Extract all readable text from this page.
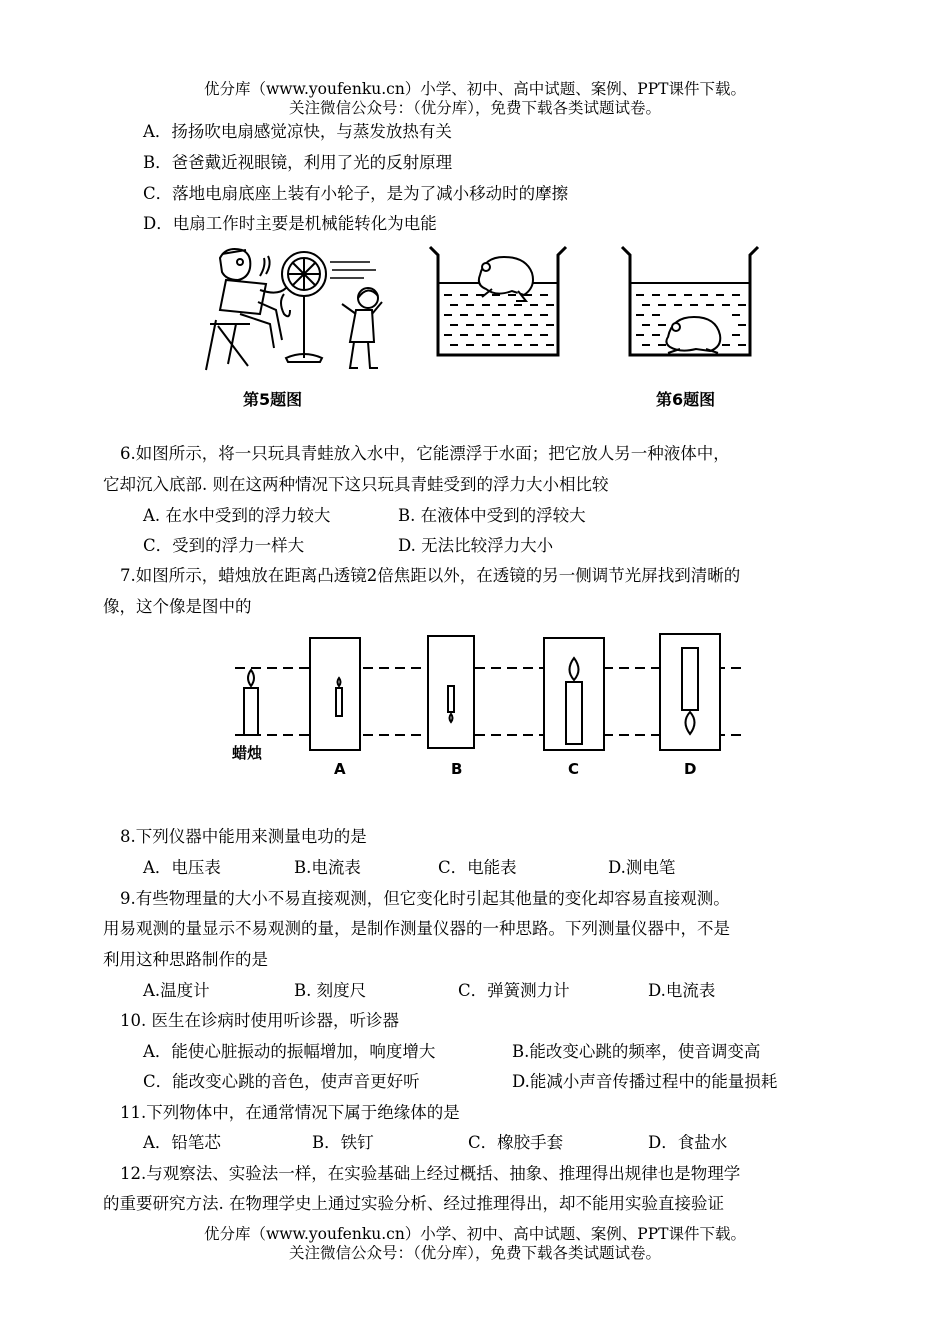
优分库（www.youfenku.cn）小学、初中、高中试题、案例、PPT课件下载。
关注微信公众号：（优分库），免费下载各类试题试卷。
A．扬扬吹电扇感觉凉快，与蒸发放热有关
B．爸爸戴近视眼镜，利用了光的反射原理
C．落地电扇底座上装有小轮子，是为了减小移动时的摩擦
D．电扇工作时主要是机械能转化为电能
第5题图	第6题图
6.如图所示，将一只玩具青蛙放入水中，它能漂浮于水面；把它放人另一种液体中，
它却沉入底部. 则在这两种情况下这只玩具青蛙受到的浮力大小相比较
A. 在水中受到的浮力较大	B. 在液体中受到的浮较大
C．受到的浮力一样大	D. 无法比较浮力大小
7.如图所示，蜡烛放在距离凸透镜2倍焦距以外，在透镜的另一侧调节光屏找到清晰的
像，这个像是图中的
蜡烛
A	B	C	D
8.下列仪器中能用来测量电功的是
A．电压表	B.电流表	C．电能表	D.测电笔
9.有些物理量的大小不易直接观测，但它变化时引起其他量的变化却容易直接观测。
用易观测的量显示不易观测的量，是制作测量仪器的一种思路。下列测量仪器中，不是
利用这种思路制作的是
A.温度计	B. 刻度尺	C．弹簧测力计	D.电流表
10. 医生在诊病时使用听诊器，听诊器
A．能使心脏振动的振幅增加，响度增大	B.能改变心跳的频率，使音调变高
C．能改变心跳的音色，使声音更好听	D.能减小声音传播过程中的能量损耗
11.下列物体中，在通常情况下属于绝缘体的是
A．铅笔芯	B．铁钉	C．橡胶手套	D．食盐水
12.与观察法、实验法一样，在实验基础上经过概括、抽象、推理得出规律也是物理学
的重要研究方法. 在物理学史上通过实验分析、经过推理得出，却不能用实验直接验证
优分库（www.youfenku.cn）小学、初中、高中试题、案例、PPT课件下载。
关注微信公众号：（优分库），免费下载各类试题试卷。
